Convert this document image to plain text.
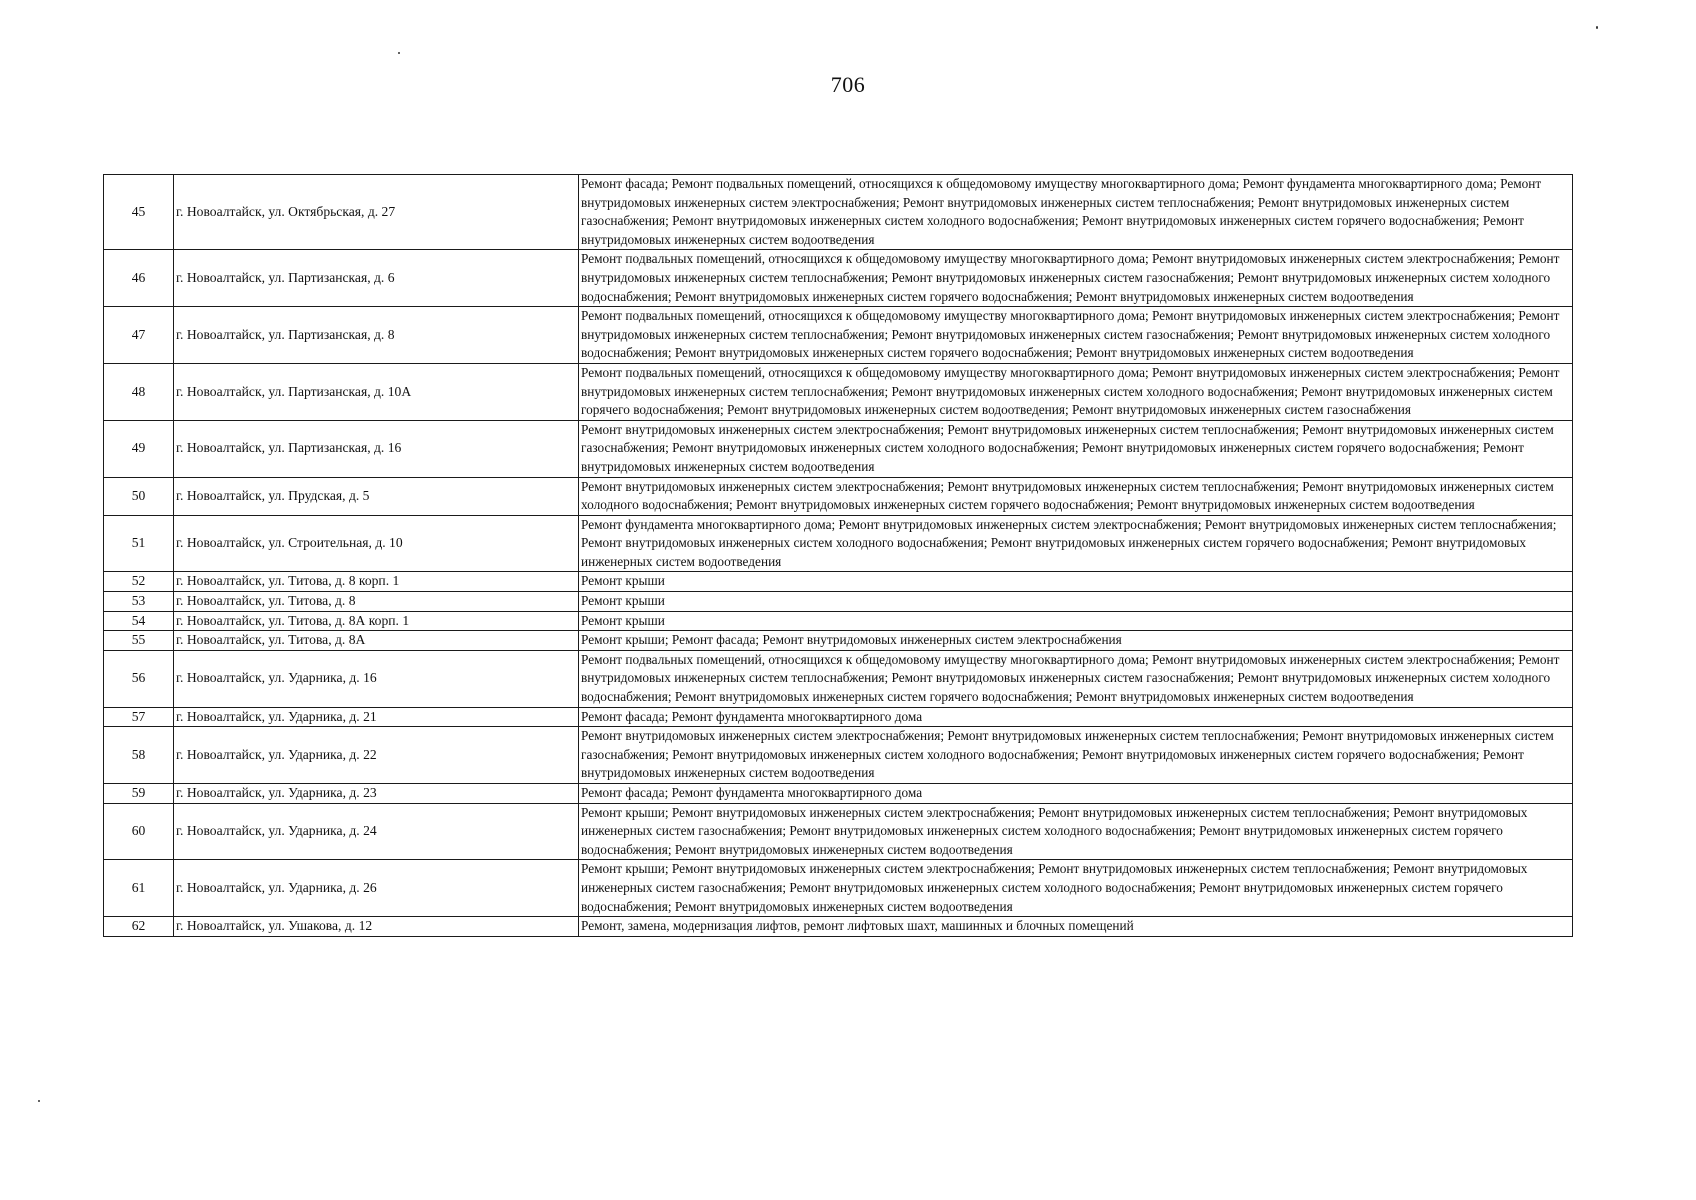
706
45	г. Новоалтайск, ул. Октябрьская, д. 27	Ремонт фасада; Ремонт подвальных помещений, относящихся к общедомовому имуществу многоквартирного дома; Ремонт фундамента многоквартирного дома; Ремонт внутридомовых инженерных систем электроснабжения; Ремонт внутридомовых инженерных систем теплоснабжения; Ремонт внутридомовых инженерных систем газоснабжения; Ремонт внутридомовых инженерных систем холодного водоснабжения; Ремонт внутридомовых инженерных систем горячего водоснабжения; Ремонт внутридомовых инженерных систем водоотведения
46	г. Новоалтайск, ул. Партизанская, д. 6	Ремонт подвальных помещений, относящихся к общедомовому имуществу многоквартирного дома; Ремонт внутридомовых инженерных систем электроснабжения; Ремонт внутридомовых инженерных систем теплоснабжения; Ремонт внутридомовых инженерных систем газоснабжения; Ремонт внутридомовых инженерных систем холодного водоснабжения; Ремонт внутридомовых инженерных систем горячего водоснабжения; Ремонт внутридомовых инженерных систем водоотведения
47	г. Новоалтайск, ул. Партизанская, д. 8	Ремонт подвальных помещений, относящихся к общедомовому имуществу многоквартирного дома; Ремонт внутридомовых инженерных систем электроснабжения; Ремонт внутридомовых инженерных систем теплоснабжения; Ремонт внутридомовых инженерных систем газоснабжения; Ремонт внутридомовых инженерных систем холодного водоснабжения; Ремонт внутридомовых инженерных систем горячего водоснабжения; Ремонт внутридомовых инженерных систем водоотведения
48	г. Новоалтайск, ул. Партизанская, д. 10А	Ремонт подвальных помещений, относящихся к общедомовому имуществу многоквартирного дома; Ремонт внутридомовых инженерных систем электроснабжения; Ремонт внутридомовых инженерных систем теплоснабжения; Ремонт внутридомовых инженерных систем холодного водоснабжения; Ремонт внутридомовых инженерных систем горячего водоснабжения; Ремонт внутридомовых инженерных систем водоотведения; Ремонт внутридомовых инженерных систем газоснабжения
49	г. Новоалтайск, ул. Партизанская, д. 16	Ремонт внутридомовых инженерных систем электроснабжения; Ремонт внутридомовых инженерных систем теплоснабжения; Ремонт внутридомовых инженерных систем газоснабжения; Ремонт внутридомовых инженерных систем холодного водоснабжения; Ремонт внутридомовых инженерных систем горячего водоснабжения; Ремонт внутридомовых инженерных систем водоотведения
50	г. Новоалтайск, ул. Прудская, д. 5	Ремонт внутридомовых инженерных систем электроснабжения; Ремонт внутридомовых инженерных систем теплоснабжения; Ремонт внутридомовых инженерных систем холодного водоснабжения; Ремонт внутридомовых инженерных систем горячего водоснабжения; Ремонт внутридомовых инженерных систем водоотведения
51	г. Новоалтайск, ул. Строительная, д. 10	Ремонт фундамента многоквартирного дома; Ремонт внутридомовых инженерных систем электроснабжения; Ремонт внутридомовых инженерных систем теплоснабжения; Ремонт внутридомовых инженерных систем холодного водоснабжения; Ремонт внутридомовых инженерных систем горячего водоснабжения; Ремонт внутридомовых инженерных систем водоотведения
52	г. Новоалтайск, ул. Титова, д. 8 корп. 1	Ремонт крыши
53	г. Новоалтайск, ул. Титова, д. 8	Ремонт крыши
54	г. Новоалтайск, ул. Титова, д. 8А корп. 1	Ремонт крыши
55	г. Новоалтайск, ул. Титова, д. 8А	Ремонт крыши; Ремонт фасада; Ремонт внутридомовых инженерных систем электроснабжения
56	г. Новоалтайск, ул. Ударника, д. 16	Ремонт подвальных помещений, относящихся к общедомовому имуществу многоквартирного дома; Ремонт внутридомовых инженерных систем электроснабжения; Ремонт внутридомовых инженерных систем теплоснабжения; Ремонт внутридомовых инженерных систем газоснабжения; Ремонт внутридомовых инженерных систем холодного водоснабжения; Ремонт внутридомовых инженерных систем горячего водоснабжения; Ремонт внутридомовых инженерных систем водоотведения
57	г. Новоалтайск, ул. Ударника, д. 21	Ремонт фасада; Ремонт фундамента многоквартирного дома
58	г. Новоалтайск, ул. Ударника, д. 22	Ремонт внутридомовых инженерных систем электроснабжения; Ремонт внутридомовых инженерных систем теплоснабжения; Ремонт внутридомовых инженерных систем газоснабжения; Ремонт внутридомовых инженерных систем холодного водоснабжения; Ремонт внутридомовых инженерных систем горячего водоснабжения; Ремонт внутридомовых инженерных систем водоотведения
59	г. Новоалтайск, ул. Ударника, д. 23	Ремонт фасада; Ремонт фундамента многоквартирного дома
60	г. Новоалтайск, ул. Ударника, д. 24	Ремонт крыши; Ремонт внутридомовых инженерных систем электроснабжения; Ремонт внутридомовых инженерных систем теплоснабжения; Ремонт внутридомовых инженерных систем газоснабжения; Ремонт внутридомовых инженерных систем холодного водоснабжения; Ремонт внутридомовых инженерных систем горячего водоснабжения; Ремонт внутридомовых инженерных систем водоотведения
61	г. Новоалтайск, ул. Ударника, д. 26	Ремонт крыши; Ремонт внутридомовых инженерных систем электроснабжения; Ремонт внутридомовых инженерных систем теплоснабжения; Ремонт внутридомовых инженерных систем газоснабжения; Ремонт внутридомовых инженерных систем холодного водоснабжения; Ремонт внутридомовых инженерных систем горячего водоснабжения; Ремонт внутридомовых инженерных систем водоотведения
62	г. Новоалтайск, ул. Ушакова, д. 12	Ремонт, замена, модернизация лифтов, ремонт лифтовых шахт, машинных и блочных помещений
